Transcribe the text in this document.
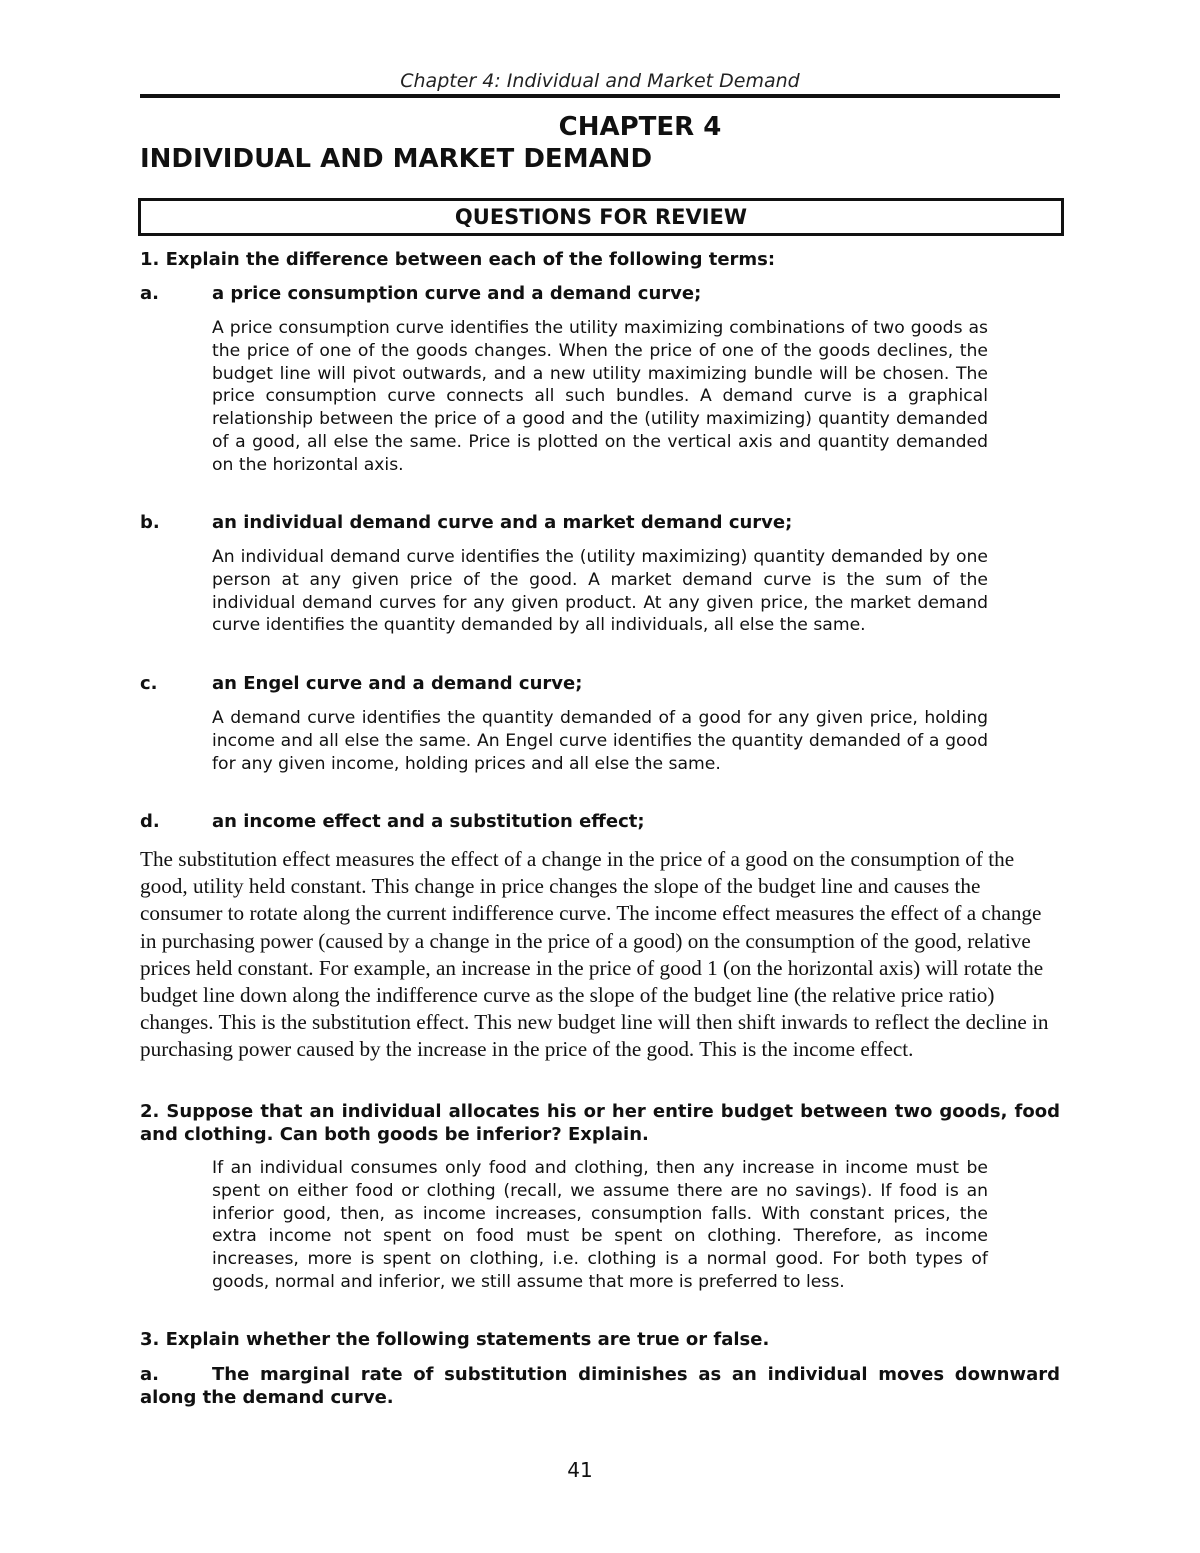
Chapter 4: Individual and Market Demand
CHAPTER 4
INDIVIDUAL AND MARKET DEMAND
QUESTIONS FOR REVIEW
1. Explain the difference between each of the following terms:
a.	a price consumption curve and a demand curve;
A price consumption curve identifies the utility maximizing combinations of two goods as the price of one of the goods changes. When the price of one of the goods declines, the budget line will pivot outwards, and a new utility maximizing bundle will be chosen. The price consumption curve connects all such bundles. A demand curve is a graphical relationship between the price of a good and the (utility maximizing) quantity demanded of a good, all else the same. Price is plotted on the vertical axis and quantity demanded on the horizontal axis.
b.	an individual demand curve and a market demand curve;
An individual demand curve identifies the (utility maximizing) quantity demanded by one person at any given price of the good. A market demand curve is the sum of the individual demand curves for any given product. At any given price, the market demand curve identifies the quantity demanded by all individuals, all else the same.
c.	an Engel curve and a demand curve;
A demand curve identifies the quantity demanded of a good for any given price, holding income and all else the same. An Engel curve identifies the quantity demanded of a good for any given income, holding prices and all else the same.
d.	an income effect and a substitution effect;
The substitution effect measures the effect of a change in the price of a good on the consumption of the good, utility held constant. This change in price changes the slope of the budget line and causes the consumer to rotate along the current indifference curve. The income effect measures the effect of a change in purchasing power (caused by a change in the price of a good) on the consumption of the good, relative prices held constant. For example, an increase in the price of good 1 (on the horizontal axis) will rotate the budget line down along the indifference curve as the slope of the budget line (the relative price ratio) changes. This is the substitution effect. This new budget line will then shift inwards to reflect the decline in purchasing power caused by the increase in the price of the good. This is the income effect.
2. Suppose that an individual allocates his or her entire budget between two goods, food and clothing. Can both goods be inferior? Explain.
If an individual consumes only food and clothing, then any increase in income must be spent on either food or clothing (recall, we assume there are no savings). If food is an inferior good, then, as income increases, consumption falls. With constant prices, the extra income not spent on food must be spent on clothing. Therefore, as income increases, more is spent on clothing, i.e. clothing is a normal good. For both types of goods, normal and inferior, we still assume that more is preferred to less.
3. Explain whether the following statements are true or false.
a.	The marginal rate of substitution diminishes as an individual moves downward along the demand curve.
41
